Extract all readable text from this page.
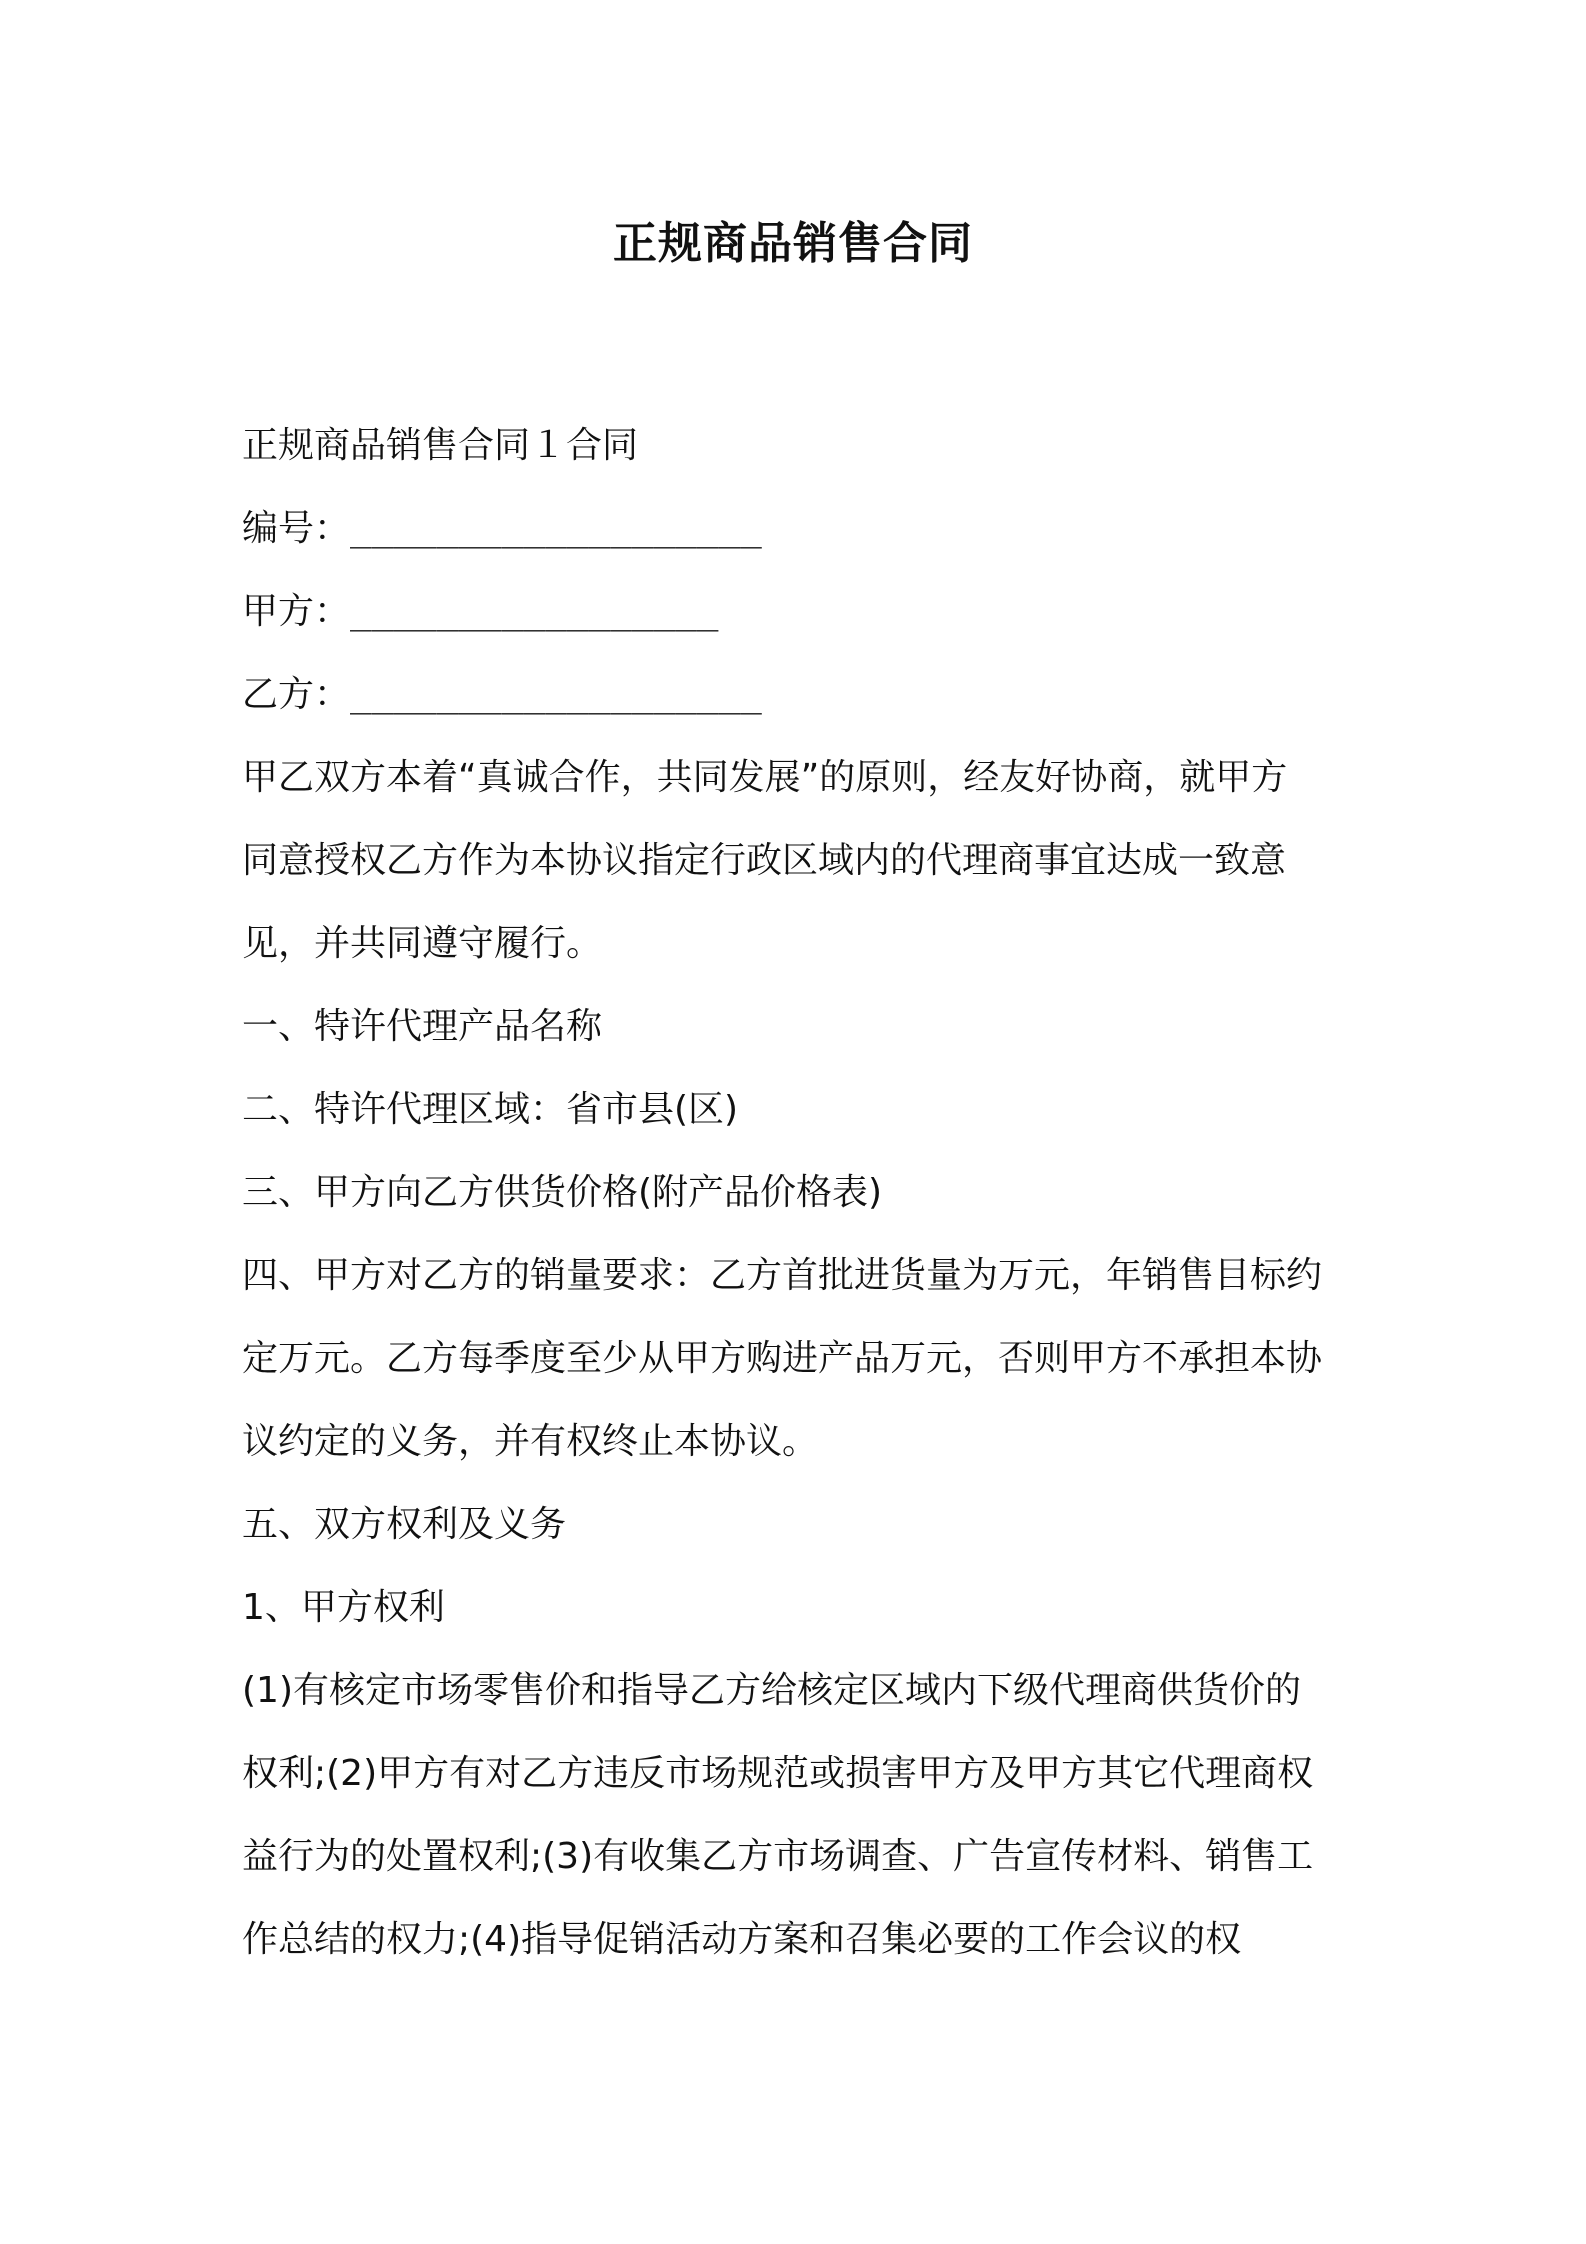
正规商品销售合同

正规商品销售合同１合同

编号：___________________

甲方：_________________

乙方：___________________

甲乙双方本着“真诚合作，共同发展”的原则，经友好协商，就甲方

同意授权乙方作为本协议指定行政区域内的代理商事宜达成一致意

见，并共同遵守履行。

一、特许代理产品名称

二、特许代理区域：省市县(区)

三、甲方向乙方供货价格(附产品价格表)

四、甲方对乙方的销量要求：乙方首批进货量为万元，年销售目标约

定万元。乙方每季度至少从甲方购进产品万元，否则甲方不承担本协

议约定的义务，并有权终止本协议。

五、双方权利及义务

1、甲方权利

(1)有核定市场零售价和指导乙方给核定区域内下级代理商供货价的

权利;(2)甲方有对乙方违反市场规范或损害甲方及甲方其它代理商权

益行为的处置权利;(3)有收集乙方市场调查、广告宣传材料、销售工

作总结的权力;(4)指导促销活动方案和召集必要的工作会议的权
